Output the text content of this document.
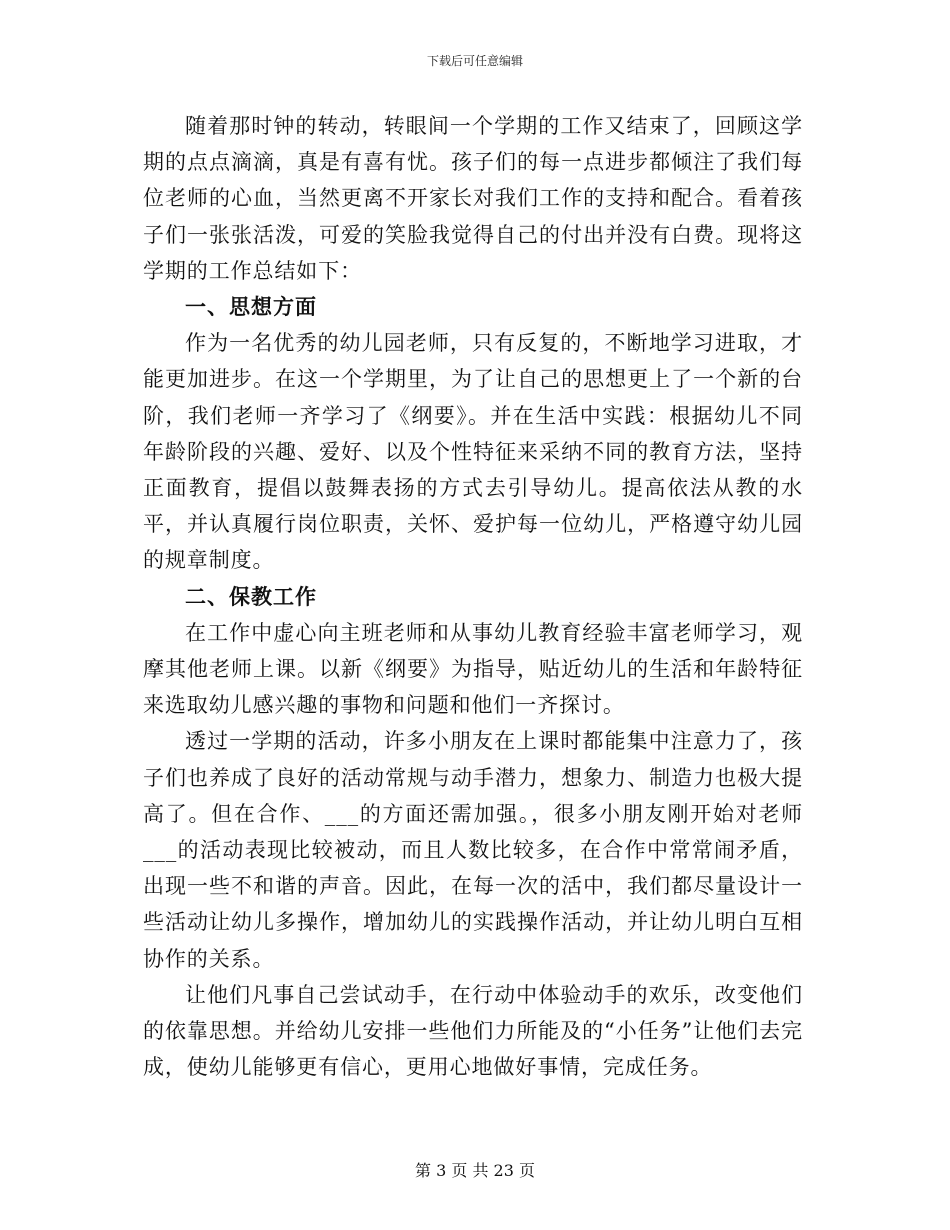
下载后可任意编辑

随着那时钟的转动，转眼间一个学期的工作又结束了，回顾这学期的点点滴滴，真是有喜有忧。孩子们的每一点进步都倾注了我们每位老师的心血，当然更离不开家长对我们工作的支持和配合。看着孩子们一张张活泼，可爱的笑脸我觉得自己的付出并没有白费。现将这学期的工作总结如下：

一、思想方面

作为一名优秀的幼儿园老师，只有反复的，不断地学习进取，才能更加进步。在这一个学期里，为了让自己的思想更上了一个新的台阶，我们老师一齐学习了《纲要》。并在生活中实践：根据幼儿不同年龄阶段的兴趣、爱好、以及个性特征来采纳不同的教育方法，坚持正面教育，提倡以鼓舞表扬的方式去引导幼儿。提高依法从教的水平，并认真履行岗位职责，关怀、爱护每一位幼儿，严格遵守幼儿园的规章制度。

二、保教工作

在工作中虚心向主班老师和从事幼儿教育经验丰富老师学习，观摩其他老师上课。以新《纲要》为指导，贴近幼儿的生活和年龄特征来选取幼儿感兴趣的事物和问题和他们一齐探讨。

透过一学期的活动，许多小朋友在上课时都能集中注意力了，孩子们也养成了良好的活动常规与动手潜力，想象力、制造力也极大提高了。但在合作、___的方面还需加强。，很多小朋友刚开始对老师___的活动表现比较被动，而且人数比较多，在合作中常常闹矛盾，出现一些不和谐的声音。因此，在每一次的活中，我们都尽量设计一些活动让幼儿多操作，增加幼儿的实践操作活动，并让幼儿明白互相协作的关系。

让他们凡事自己尝试动手，在行动中体验动手的欢乐，改变他们的依靠思想。并给幼儿安排一些他们力所能及的“小任务”让他们去完成，使幼儿能够更有信心，更用心地做好事情，完成任务。

第 3 页 共 23 页
